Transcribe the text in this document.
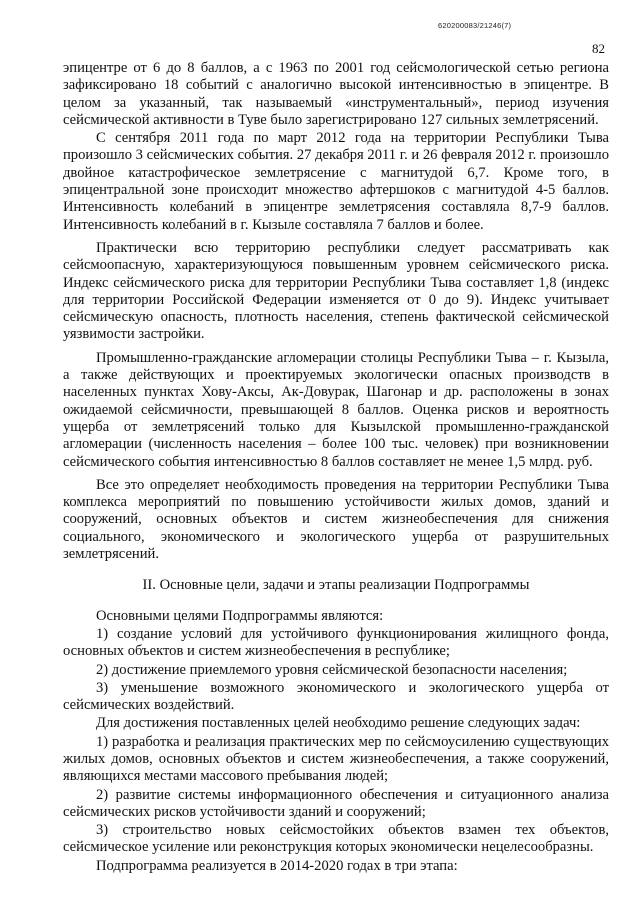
620200083/21246(7)
82

эпицентре от 6 до 8 баллов, а с 1963 по 2001 год сейсмологической сетью региона зафиксировано 18 событий с аналогично высокой интенсивностью в эпицентре. В целом за указанный, так называемый «инструментальный», период изучения сейсмической активности в Туве было зарегистрировано 127 сильных землетрясений.

С сентября 2011 года по март 2012 года на территории Республики Тыва произошло 3 сейсмических события. 27 декабря 2011 г. и 26 февраля 2012 г. произошло двойное катастрофическое землетрясение с магнитудой 6,7. Кроме того, в эпицентральной зоне происходит множество афтершоков с магнитудой 4-5 баллов. Интенсивность колебаний в эпицентре землетрясения составляла 8,7-9 баллов. Интенсивность колебаний в г. Кызыле составляла 7 баллов и более.

Практически всю территорию республики следует рассматривать как сейсмоопасную, характеризующуюся повышенным уровнем сейсмического риска. Индекс сейсмического риска для территории Республики Тыва составляет 1,8 (индекс для территории Российской Федерации изменяется от 0 до 9). Индекс учитывает сейсмическую опасность, плотность населения, степень фактической сейсмической уязвимости застройки.

Промышленно-гражданские агломерации столицы Республики Тыва – г. Кызыла, а также действующих и проектируемых экологически опасных производств в населенных пунктах Хову-Аксы, Ак-Довурак, Шагонар и др. расположены в зонах ожидаемой сейсмичности, превышающей 8 баллов. Оценка рисков и вероятность ущерба от землетрясений только для Кызылской промышленно-гражданской агломерации (численность населения – более 100 тыс. человек) при возникновении сейсмического события интенсивностью 8 баллов составляет не менее 1,5 млрд. руб.

Все это определяет необходимость проведения на территории Республики Тыва комплекса мероприятий по повышению устойчивости жилых домов, зданий и сооружений, основных объектов и систем жизнеобеспечения для снижения социального, экономического и экологического ущерба от разрушительных землетрясений.

II. Основные цели, задачи и этапы реализации Подпрограммы

Основными целями Подпрограммы являются:

1) создание условий для устойчивого функционирования жилищного фонда, основных объектов и систем жизнеобеспечения в республике;

2) достижение приемлемого уровня сейсмической безопасности населения;

3) уменьшение возможного экономического и экологического ущерба от сейсмических воздействий.

Для достижения поставленных целей необходимо решение следующих задач:

1) разработка и реализация практических мер по сейсмоусилению существующих жилых домов, основных объектов и систем жизнеобеспечения, а также сооружений, являющихся местами массового пребывания людей;

2) развитие системы информационного обеспечения и ситуационного анализа сейсмических рисков устойчивости зданий и сооружений;

3) строительство новых сейсмостойких объектов взамен тех объектов, сейсмическое усиление или реконструкция которых экономически нецелесообразны.

Подпрограмма реализуется в 2014-2020 годах в три этапа:
